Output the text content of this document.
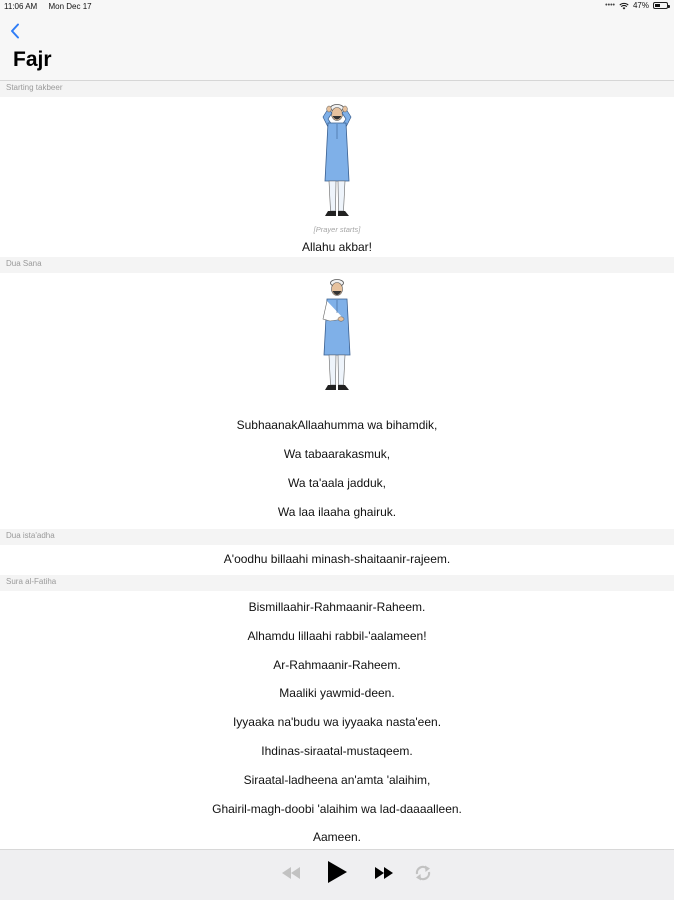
11:06 AM Mon Dec 17	•••• 47%
Fajr
Starting takbeer
[Prayer starts]
Allahu akbar!
Dua Sana
SubhaanakAllaahumma wa bihamdik,
Wa tabaarakasmuk,
Wa ta'aala jadduk,
Wa laa ilaaha ghairuk.
Dua ista'adha
A'oodhu billaahi minash-shaitaanir-rajeem.
Sura al-Fatiha
Bismillaahir-Rahmaanir-Raheem.
Alhamdu lillaahi rabbil-'aalameen!
Ar-Rahmaanir-Raheem.
Maaliki yawmid-deen.
Iyyaaka na'budu wa iyyaaka nasta'een.
Ihdinas-siraatal-mustaqeem.
Siraatal-ladheena an'amta 'alaihim,
Ghairil-magh-doobi 'alaihim wa lad-daaaalleen.
Aameen.
